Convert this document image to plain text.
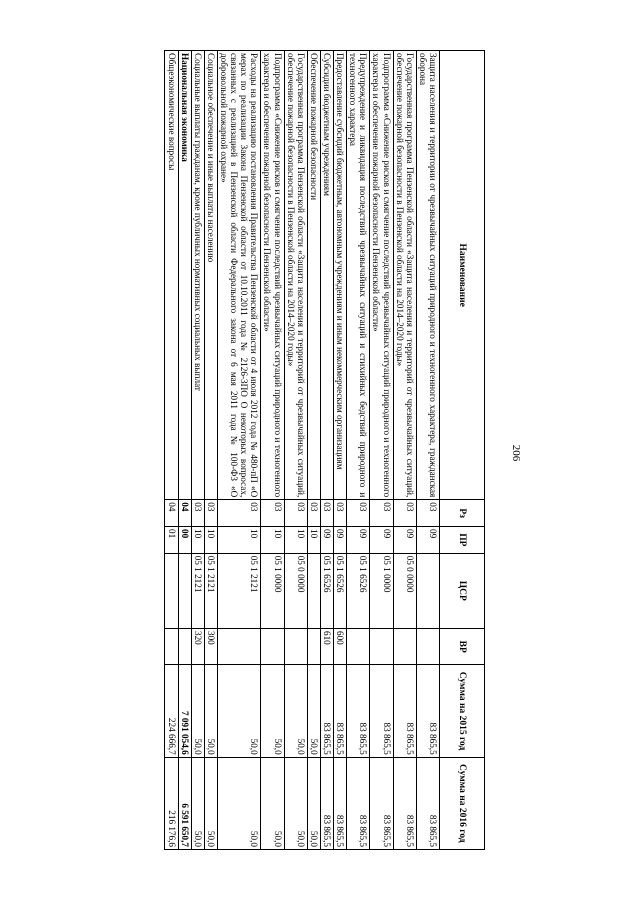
206
Наименование	Рз	ПР	ЦСР	ВР	Сумма на 2015 год	Сумма на 2016 год
Защита населения и территории от чрезвычайных ситуаций природного и техногенного характера, гражданская оборона	03	09			83 865,5	83 865,5
Государственная программа Пензенской области «Защита населения и территорий от чрезвычайных ситуаций, обеспечение пожарной безопасности в Пензенской области на 2014–2020 годы»	03	09	05 0 0000		83 865,5	83 865,5
Подпрограмма «Снижение рисков и смягчение последствий чрезвычайных ситуаций природного и техногенного характера и обеспечение пожарной безопасности Пензенской области»	03	09	05 1 0000		83 865,5	83 865,5
Предупреждение и ликвидация последствий чрезвычайных ситуаций и стихийных бедствий природного и техногенного характера	03	09	05 1 6526		83 865,5	83 865,5
Предоставление субсидий бюджетным, автономным учреждениям и иным некоммерческим организациям	03	09	05 1 6526	600	83 865,5	83 865,5
Субсидии бюджетным учреждениям	03	09	05 1 6526	610	83 865,5	83 865,5
Обеспечение пожарной безопасности	03	10			50,0	50,0
Государственная программа Пензенской области «Защита населения и территорий от чрезвычайных ситуаций, обеспечение пожарной безопасности в Пензенской области на 2014–2020 годы»	03	10	05 0 0000		50,0	50,0
Подпрограмма «Снижение рисков и смягчение последствий чрезвычайных ситуаций природного и техногенного характера и обеспечение пожарной безопасности Пензенской области»	03	10	05 1 0000		50,0	50,0
Расходы на реализацию постановления Правительства Пензенской области от 4 июля 2012 года № 480-пП «О мерах по реализации Закона Пензенской области от 10.10.2011 года № 2126-ЗПО О некоторых вопросах, связанных с реализацией в Пензенской области Федерального закона от 6 мая 2011 года № 100-ФЗ «О добровольной пожарной охране»	03	10	05 1 2121		50,0	50,0
Социальное обеспечение и иные выплаты населению	03	10	05 1 2121	300	50,0	50,0
Социальные выплаты гражданам, кроме публичных нормативных социальных выплат	03	10	05 1 2121	320	50,0	50,0
Национальная экономика	04	00			7 091 054,6	6 591 650,7
Общеэкономические вопросы	04	01			224 666,7	216 176,6
